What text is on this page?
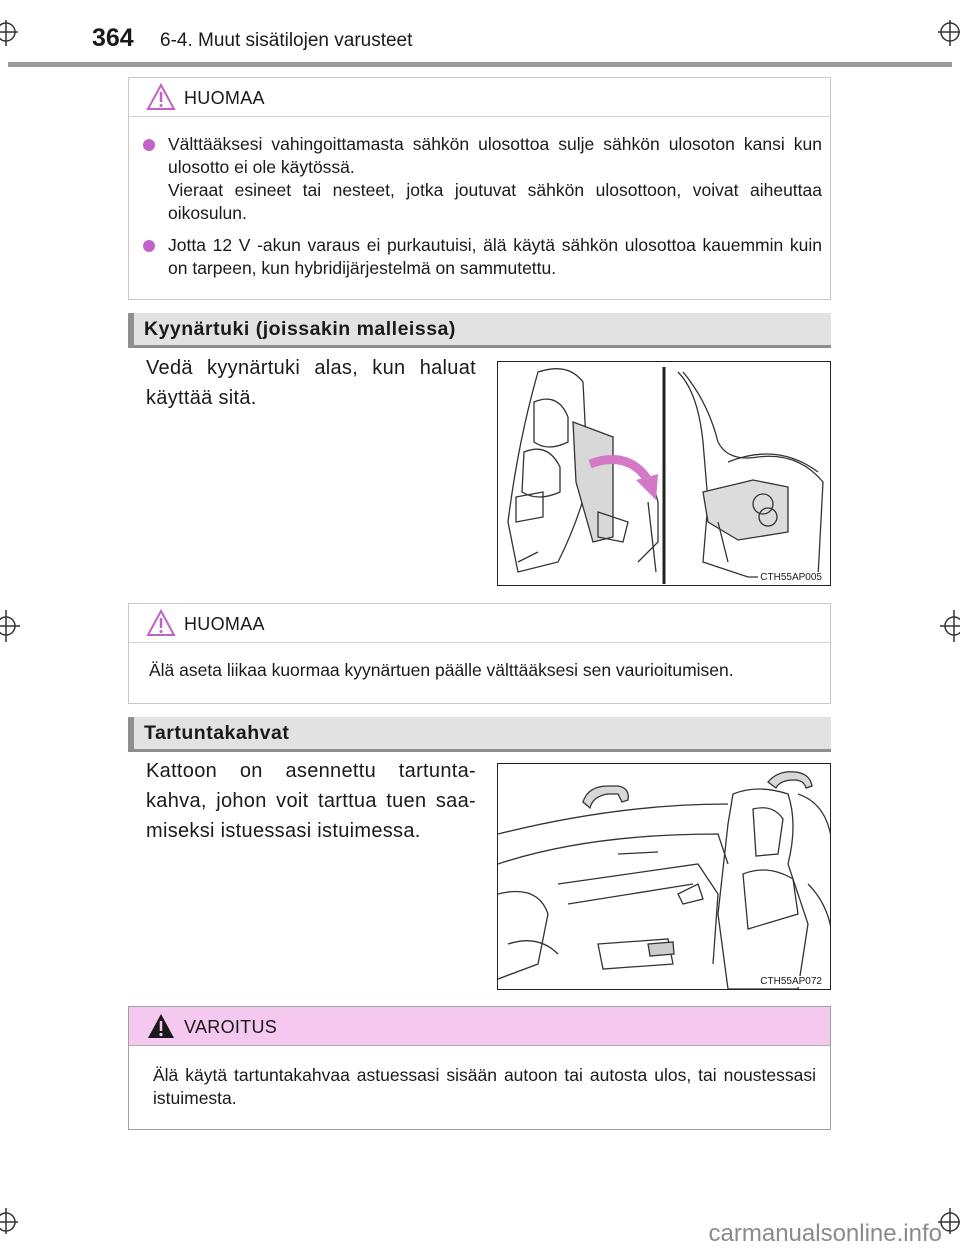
364 6-4. Muut sisätilojen varusteet
HUOMAA

Välttääksesi vahingoittamasta sähkön ulosottoa sulje sähkön ulosoton kansi kun ulosotto ei ole käytössä.

Vieraat esineet tai nesteet, jotka joutuvat sähkön ulosottoon, voivat aiheuttaa oikosulun.

Jotta 12 V -akun varaus ei purkautuisi, älä käytä sähkön ulosottoa kauemmin kuin on tarpeen, kun hybridijärjestelmä on sammutettu.

Kyynärtuki (joissakin malleissa)
Vedä kyynärtuki alas, kun haluat käyttää sitä.
CTH55AP005
HUOMAA
Älä aseta liikaa kuormaa kyynärtuen päälle välttääksesi sen vaurioitumisen.
Tartuntakahvat
Kattoon on asennettu tartunta-kahva, johon voit tarttua tuen saa-miseksi istuessasi istuimessa.
CTH55AP072
VAROITUS
Älä käytä tartuntakahvaa astuessasi sisään autoon tai autosta ulos, tai noustessasi istuimesta.
carmanualsonline.info
